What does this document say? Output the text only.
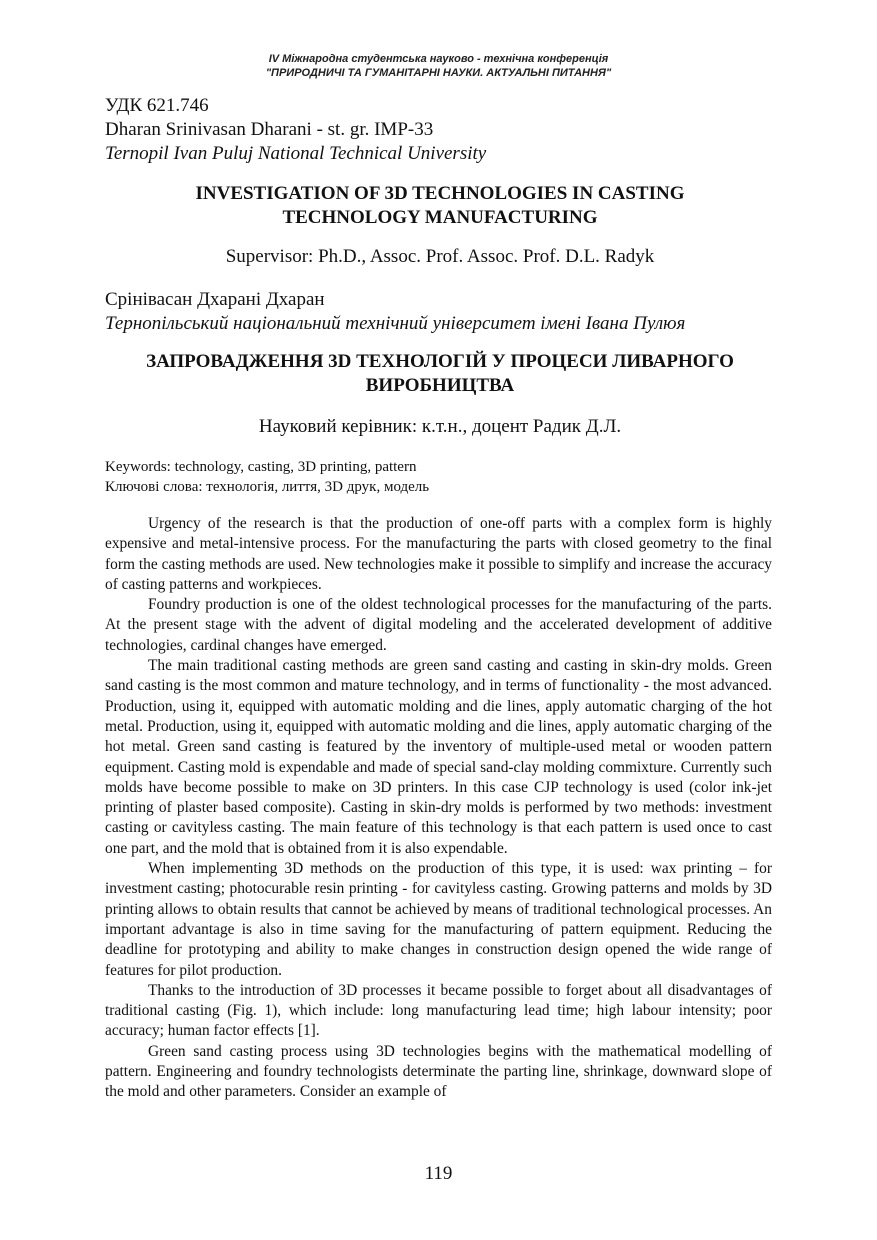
IV Міжнародна студентська науково - технічна конференція
"ПРИРОДНИЧІ ТА ГУМАНІТАРНІ НАУКИ. АКТУАЛЬНІ ПИТАННЯ"
УДК 621.746
Dharan Srinivasan Dharani - st. gr. IMP-33
Ternopil Ivan Puluj National Technical University
INVESTIGATION OF 3D TECHNOLOGIES IN CASTING
TECHNOLOGY MANUFACTURING
Supervisor: Ph.D., Assoc. Prof. Assoc. Prof. D.L. Radyk
Срінівасан Дхарані Дхаран
Тернопільський національний технічний університет імені Івана Пулюя
ЗАПРОВАДЖЕННЯ 3D ТЕХНОЛОГІЙ У ПРОЦЕСИ ЛИВАРНОГО
ВИРОБНИЦТВА
Науковий керівник: к.т.н., доцент Радик Д.Л.
Keywords: technology, casting, 3D printing, pattern
Ключові слова: технологія, лиття, 3D друк, модель

Urgency of the research is that the production of one-off parts with a complex form is highly expensive and metal-intensive process. For the manufacturing the parts with closed geometry to the final form the casting methods are used. New technologies make it possible to simplify and increase the accuracy of casting patterns and workpieces.

Foundry production is one of the oldest technological processes for the manufacturing of the parts. At the present stage with the advent of digital modeling and the accelerated development of additive technologies, cardinal changes have emerged.

The main traditional casting methods are green sand casting and casting in skin-dry molds. Green sand casting is the most common and mature technology, and in terms of functionality - the most advanced. Production, using it, equipped with automatic molding and die lines, apply automatic charging of the hot metal. Production, using it, equipped with automatic molding and die lines, apply automatic charging of the hot metal. Green sand casting is featured by the inventory of multiple-used metal or wooden pattern equipment. Casting mold is expendable and made of special sand-clay molding commixture. Currently such molds have become possible to make on 3D printers. In this case CJP technology is used (color ink-jet printing of plaster based composite). Casting in skin-dry molds is performed by two methods: investment casting or cavityless casting. The main feature of this technology is that each pattern is used once to cast one part, and the mold that is obtained from it is also expendable.

When implementing 3D methods on the production of this type, it is used: wax printing – for investment casting; photocurable resin printing - for cavityless casting. Growing patterns and molds by 3D printing allows to obtain results that cannot be achieved by means of traditional technological processes. An important advantage is also in time saving for the manufacturing of pattern equipment. Reducing the deadline for prototyping and ability to make changes in construction design opened the wide range of features for pilot production.

Thanks to the introduction of 3D processes it became possible to forget about all disadvantages of traditional casting (Fig. 1), which include: long manufacturing lead time; high labour intensity; poor accuracy; human factor effects [1].

Green sand casting process using 3D technologies begins with the mathematical modelling of pattern. Engineering and foundry technologists determinate the parting line, shrinkage, downward slope of the mold and other parameters. Consider an example of

119
